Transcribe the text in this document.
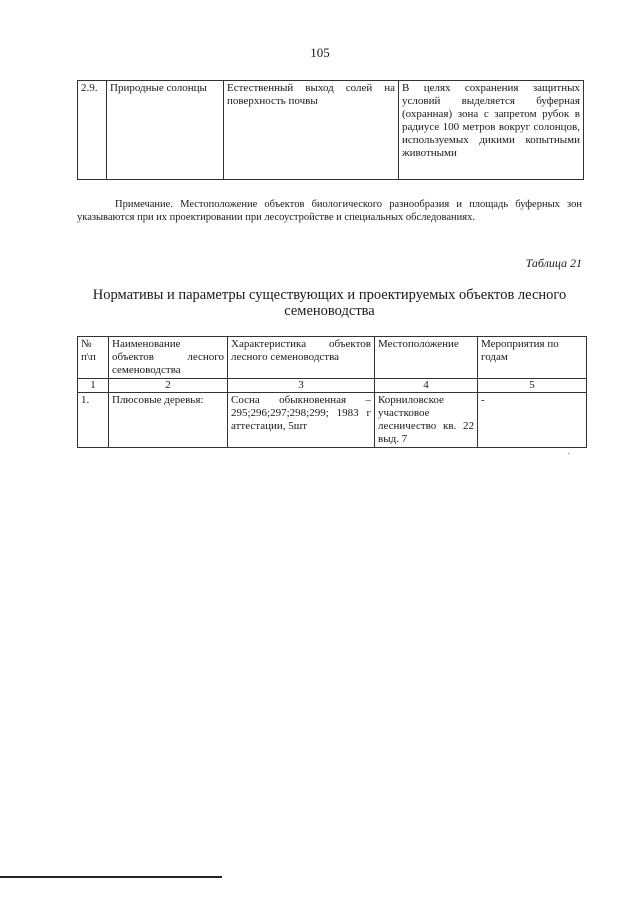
105
2.9.	Природные солонцы	Естественный выход солей на поверхность почвы	В целях сохранения защитных условий выделяется буферная (охранная) зона с запретом рубок в радиусе 100 метров вокруг солонцов, используемых дикими копытными животными
Примечание. Местоположение объектов биологического разнообразия и площадь буферных зон указываются при их проектировании при лесоустройстве и специальных обследованиях.
Таблица 21
Нормативы и параметры существующих и проектируемых объектов лесного семеноводства
№ п\п	Наименование объектов лесного семеноводства	Характеристика объектов лесного семеноводства	Местоположение	Мероприятия по годам
1	2	3	4	5
1.	Плюсовые деревья:	Сосна обыкновенная – 295;296;297;298;299; 1983 г аттестации, 5шт	Корниловское участковое лесничество кв. 22 выд. 7	-
·
